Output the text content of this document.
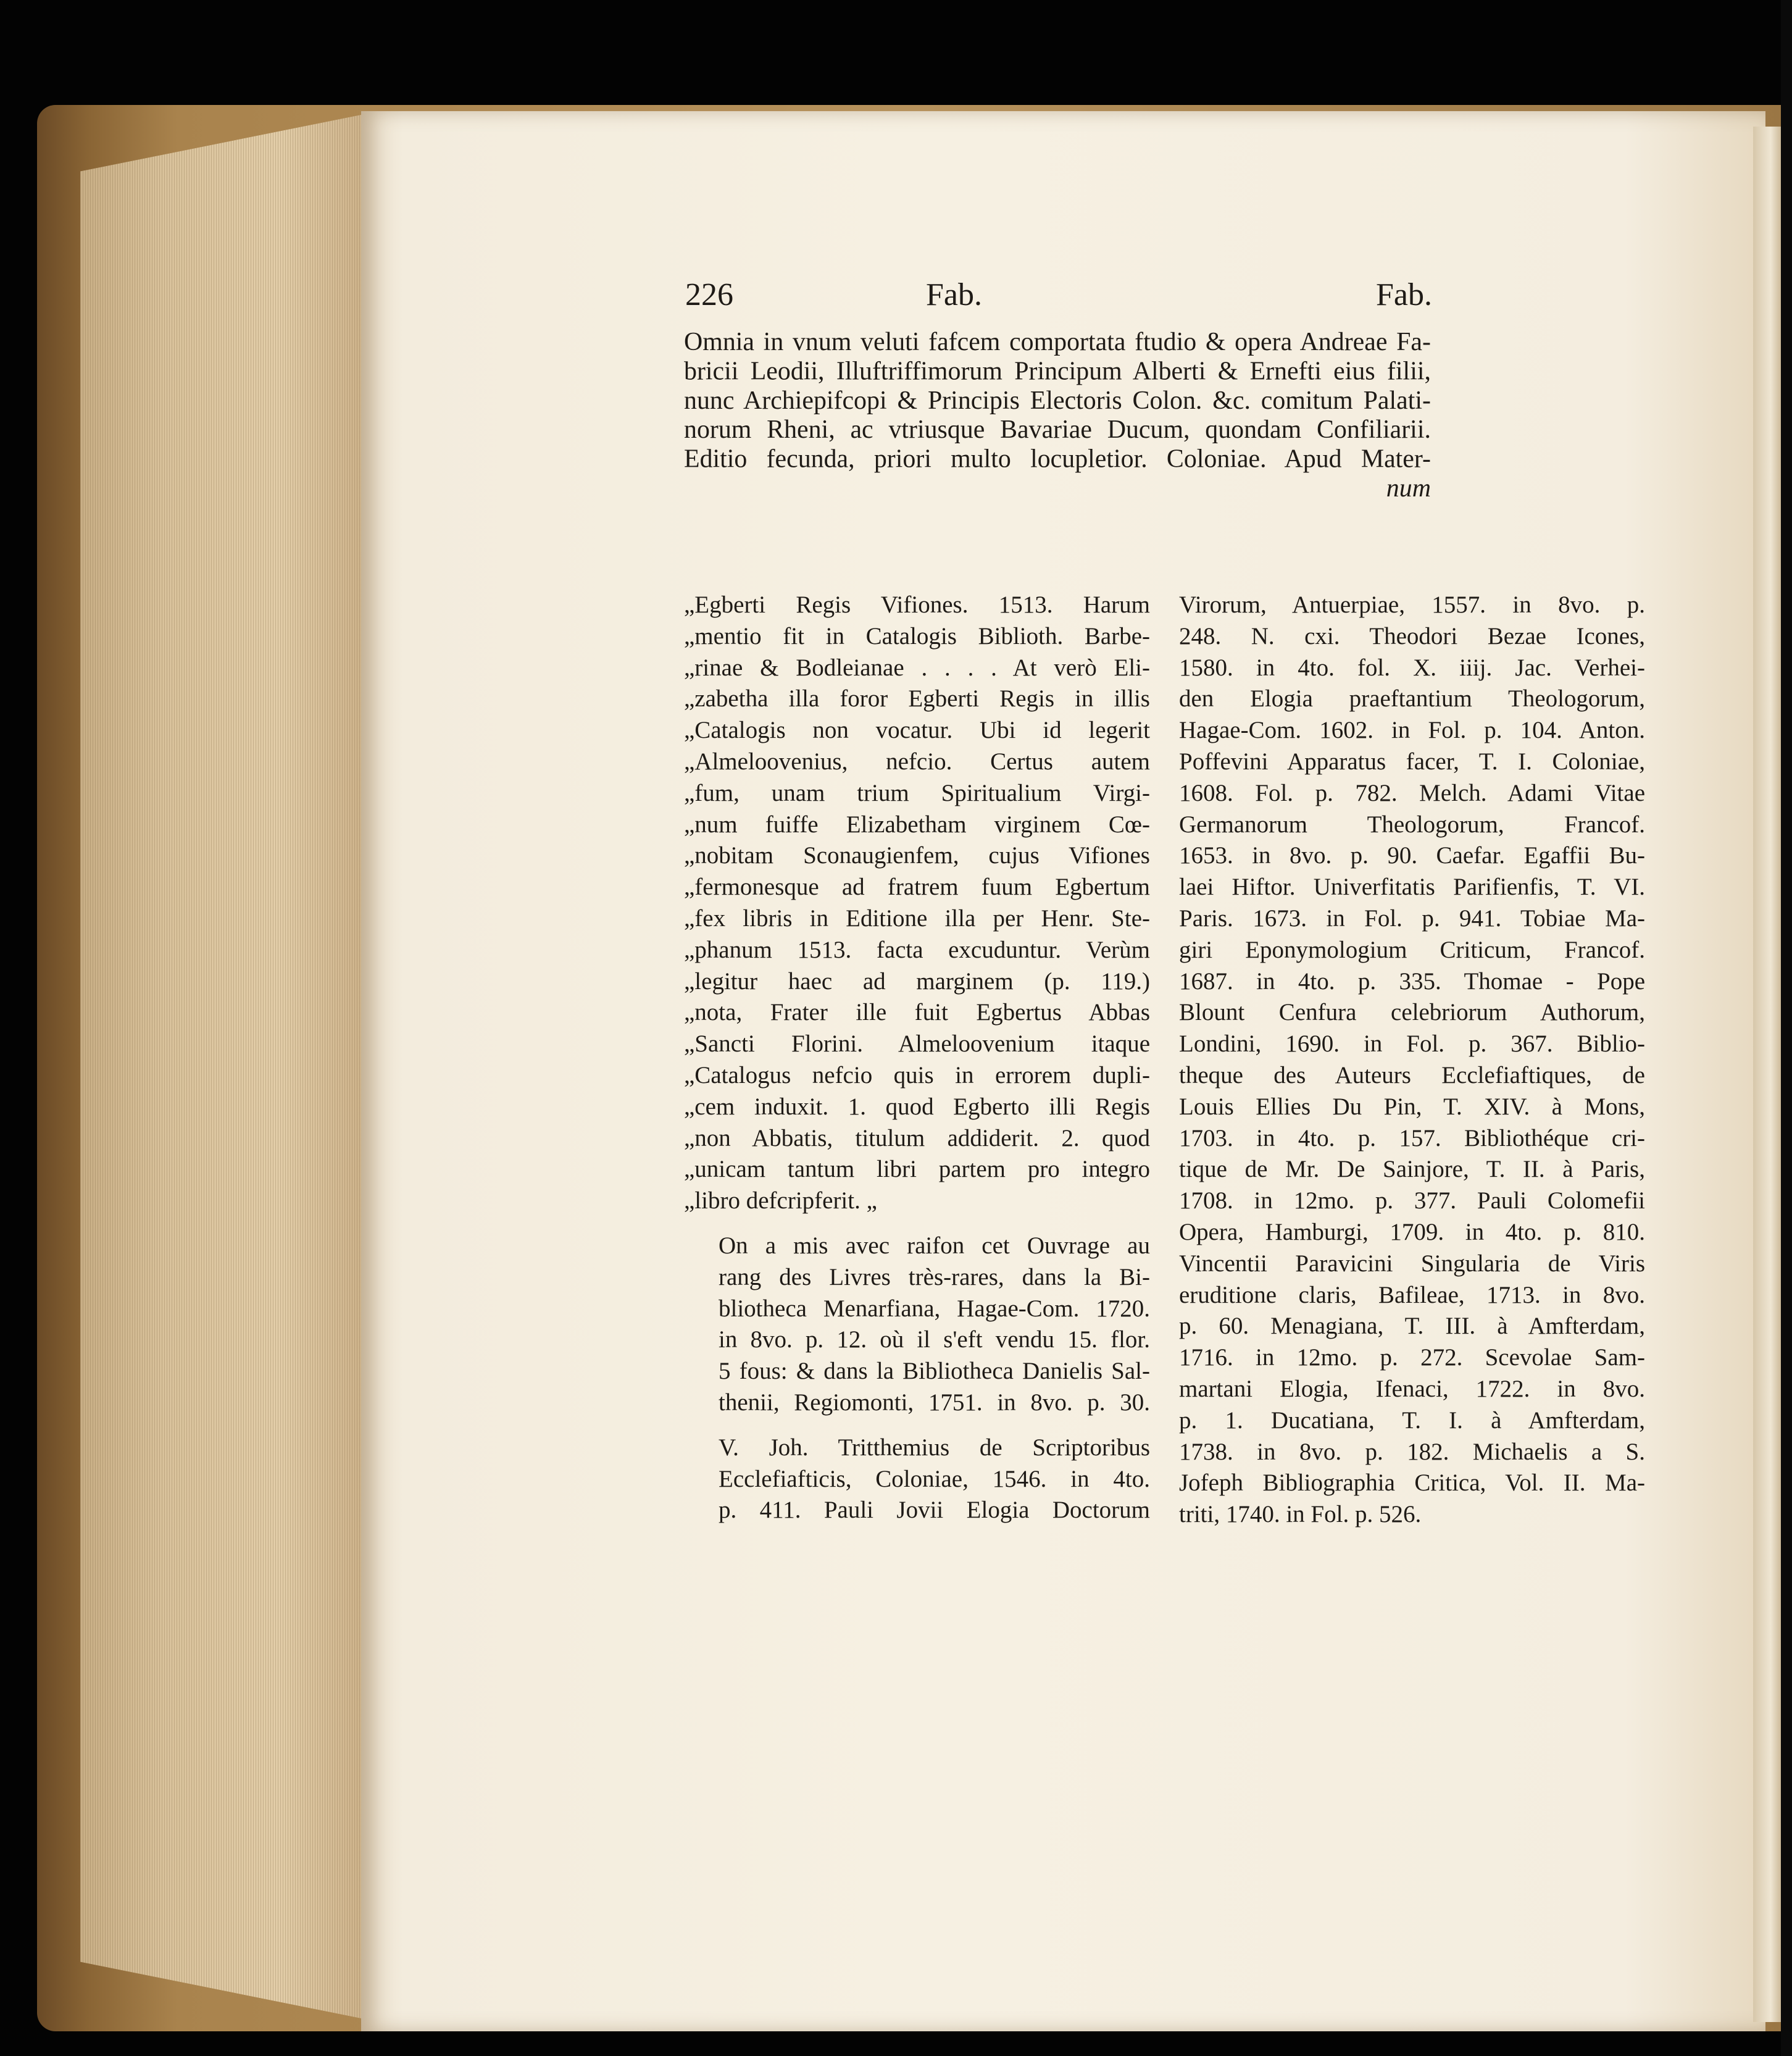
226	Fab.	Fab.
Omnia in vnum veluti fafcem comportata ftudio & opera Andreae Fa-
bricii Leodii, Illuftriffimorum Principum Alberti & Ernefti eius filii,
nunc Archiepifcopi & Principis Electoris Colon. &c. comitum Palati-
norum Rheni, ac vtriusque Bavariae Ducum, quondam Confiliarii.
Editio fecunda, priori multo locupletior. Coloniae. Apud Mater-
num

„Egberti Regis Vifiones. 1513. Harum
„mentio fit in Catalogis Biblioth. Barbe-
„rinae & Bodleianae . . . . At verò Eli-
„zabetha illa foror Egberti Regis in illis
„Catalogis non vocatur. Ubi id legerit
„Almeloovenius, nefcio. Certus autem
„fum, unam trium Spiritualium Virgi-
„num fuiffe Elizabetham virginem Cœ-
„nobitam Sconaugienfem, cujus Vifiones
„fermonesque ad fratrem fuum Egbertum
„fex libris in Editione illa per Henr. Ste-
„phanum 1513. facta excuduntur. Verùm
„legitur haec ad marginem (p. 119.)
„nota, Frater ille fuit Egbertus Abbas
„Sancti Florini. Almeloovenium itaque
„Catalogus nefcio quis in errorem dupli-
„cem induxit. 1. quod Egberto illi Regis
„non Abbatis, titulum addiderit. 2. quod
„unicam tantum libri partem pro integro
„libro defcripferit. „

On a mis avec raifon cet Ouvrage au
rang des Livres très-rares, dans la Bi-
bliotheca Menarfiana, Hagae-Com. 1720.
in 8vo. p. 12. où il s'eft vendu 15. flor.
5 fous: & dans la Bibliotheca Danielis Sal-
thenii, Regiomonti, 1751. in 8vo. p. 30.

V. Joh. Tritthemius de Scriptoribus
Ecclefiafticis, Coloniae, 1546. in 4to.
p. 411. Pauli Jovii Elogia Doctorum

Virorum, Antuerpiae, 1557. in 8vo. p.
248. N. cxi. Theodori Bezae Icones,
1580. in 4to. fol. X. iiij. Jac. Verhei-
den Elogia praeftantium Theologorum,
Hagae-Com. 1602. in Fol. p. 104. Anton.
Poffevini Apparatus facer, T. I. Coloniae,
1608. Fol. p. 782. Melch. Adami Vitae
Germanorum Theologorum, Francof.
1653. in 8vo. p. 90. Caefar. Egaffii Bu-
laei Hiftor. Univerfitatis Parifienfis, T. VI.
Paris. 1673. in Fol. p. 941. Tobiae Ma-
giri Eponymologium Criticum, Francof.
1687. in 4to. p. 335. Thomae - Pope
Blount Cenfura celebriorum Authorum,
Londini, 1690. in Fol. p. 367. Biblio-
theque des Auteurs Ecclefiaftiques, de
Louis Ellies Du Pin, T. XIV. à Mons,
1703. in 4to. p. 157. Bibliothéque cri-
tique de Mr. De Sainjore, T. II. à Paris,
1708. in 12mo. p. 377. Pauli Colomefii
Opera, Hamburgi, 1709. in 4to. p. 810.
Vincentii Paravicini Singularia de Viris
eruditione claris, Bafileae, 1713. in 8vo.
p. 60. Menagiana, T. III. à Amfterdam,
1716. in 12mo. p. 272. Scevolae Sam-
martani Elogia, Ifenaci, 1722. in 8vo.
p. 1. Ducatiana, T. I. à Amfterdam,
1738. in 8vo. p. 182. Michaelis a S.
Jofeph Bibliographia Critica, Vol. II. Ma-
triti, 1740. in Fol. p. 526.
